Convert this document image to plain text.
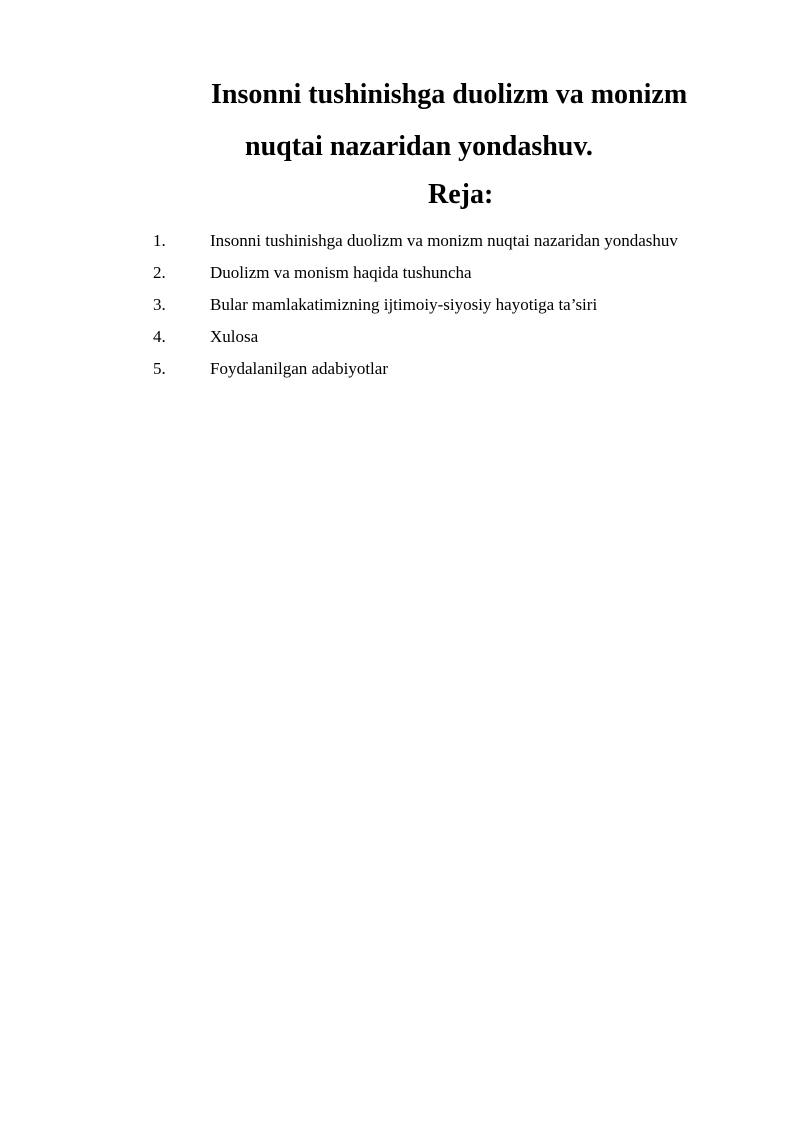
Insonni tushinishga duolizm va monizm
nuqtai nazaridan yondashuv.
Reja:
1.	Insonni tushinishga duolizm va monizm nuqtai nazaridan yondashuv
2.	Duolizm va monism haqida tushuncha
3.	Bular mamlakatimizning ijtimoiy-siyosiy hayotiga ta’siri
4.	Xulosa
5.	Foydalanilgan adabiyotlar
